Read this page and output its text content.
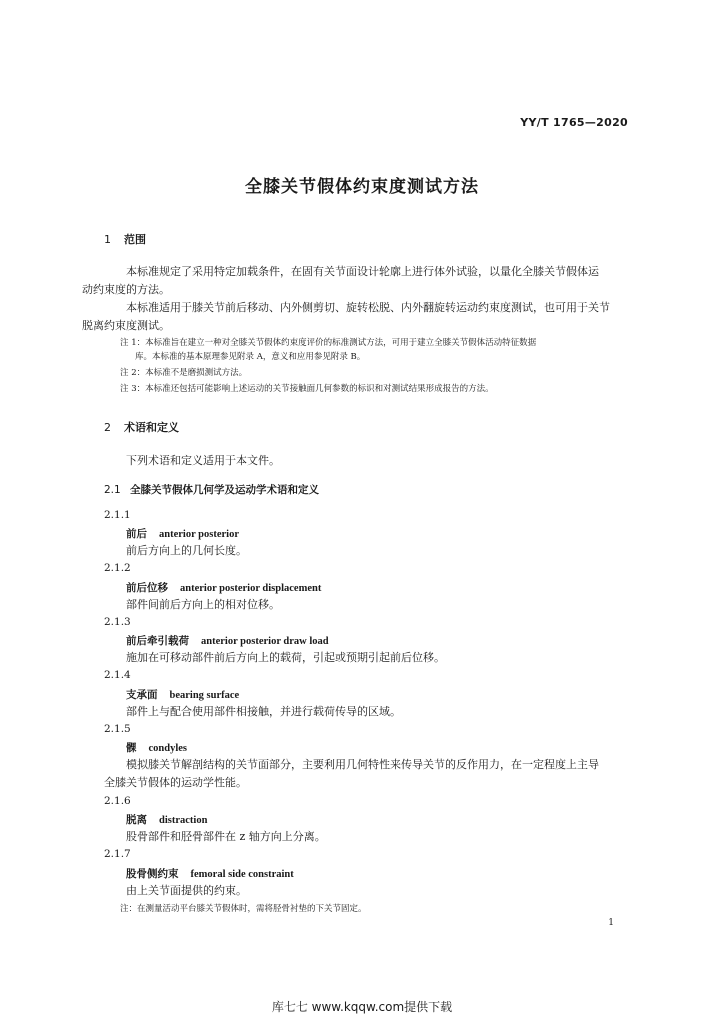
YY/T 1765—2020
全膝关节假体约束度测试方法
1 范围
本标准规定了采用特定加载条件，在固有关节面设计轮廓上进行体外试验，以量化全膝关节假体运
动约束度的方法。
本标准适用于膝关节前后移动、内外侧剪切、旋转松脱、内外翻旋转运动约束度测试，也可用于关节
脱离约束度测试。
注 1：本标准旨在建立一种对全膝关节假体约束度评价的标准测试方法，可用于建立全膝关节假体活动特征数据
库。本标准的基本原理参见附录 A，意义和应用参见附录 B。
注 2：本标准不是磨损测试方法。
注 3：本标准还包括可能影响上述运动的关节接触面几何参数的标识和对测试结果形成报告的方法。
2 术语和定义
下列术语和定义适用于本文件。
2.1 全膝关节假体几何学及运动学术语和定义
2.1.1
前后 anterior posterior
前后方向上的几何长度。
2.1.2
前后位移 anterior posterior displacement
部件间前后方向上的相对位移。
2.1.3
前后牵引载荷 anterior posterior draw load
施加在可移动部件前后方向上的载荷，引起或预期引起前后位移。
2.1.4
支承面 bearing surface
部件上与配合使用部件相接触，并进行载荷传导的区域。
2.1.5
髁 condyles
模拟膝关节解剖结构的关节面部分，主要利用几何特性来传导关节的反作用力，在一定程度上主导
全膝关节假体的运动学性能。
2.1.6
脱离 distraction
股骨部件和胫骨部件在 z 轴方向上分离。
2.1.7
股骨侧约束 femoral side constraint
由上关节面提供的约束。
注：在测量活动平台膝关节假体时，需将胫骨衬垫的下关节固定。
1
库七七 www.kqqw.com提供下载
